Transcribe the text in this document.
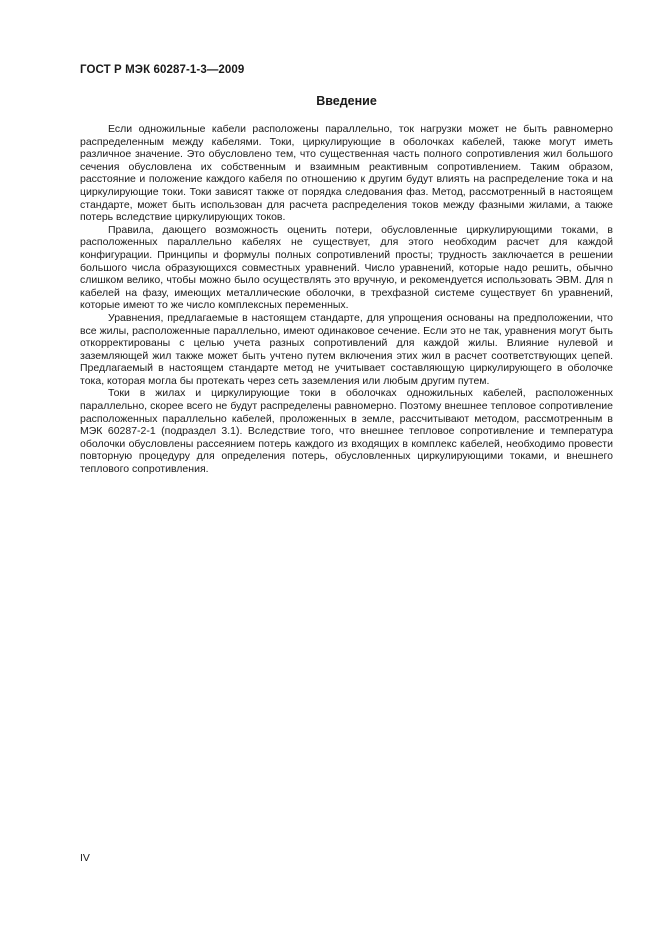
ГОСТ Р МЭК 60287-1-3—2009
Введение

Если одножильные кабели расположены параллельно, ток нагрузки может не быть равномерно распределенным между кабелями. Токи, циркулирующие в оболочках кабелей, также могут иметь различное значение. Это обусловлено тем, что существенная часть полного сопротивления жил большого сечения обусловлена их собственным и взаимным реактивным сопротивлением. Таким образом, расстояние и положение каждого кабеля по отношению к другим будут влиять на распределение тока и на циркулирующие токи. Токи зависят также от порядка следования фаз. Метод, рассмотренный в настоящем стандарте, может быть использован для расчета распределения токов между фазными жилами, а также потерь вследствие циркулирующих токов.

Правила, дающего возможность оценить потери, обусловленные циркулирующими токами, в расположенных параллельно кабелях не существует, для этого необходим расчет для каждой конфигурации. Принципы и формулы полных сопротивлений просты; трудность заключается в решении большого числа образующихся совместных уравнений. Число уравнений, которые надо решить, обычно слишком велико, чтобы можно было осуществлять это вручную, и рекомендуется использовать ЭВМ. Для n кабелей на фазу, имеющих металлические оболочки, в трехфазной системе существует 6n уравнений, которые имеют то же число комплексных переменных.

Уравнения, предлагаемые в настоящем стандарте, для упрощения основаны на предположении, что все жилы, расположенные параллельно, имеют одинаковое сечение. Если это не так, уравнения могут быть откорректированы с целью учета разных сопротивлений для каждой жилы. Влияние нулевой и заземляющей жил также может быть учтено путем включения этих жил в расчет соответствующих цепей. Предлагаемый в настоящем стандарте метод не учитывает составляющую циркулирующего в оболочке тока, которая могла бы протекать через сеть заземления или любым другим путем.

Токи в жилах и циркулирующие токи в оболочках одножильных кабелей, расположенных параллельно, скорее всего не будут распределены равномерно. Поэтому внешнее тепловое сопротивление расположенных параллельно кабелей, проложенных в земле, рассчитывают методом, рассмотренным в МЭК 60287-2-1 (подраздел 3.1). Вследствие того, что внешнее тепловое сопротивление и температура оболочки обусловлены рассеянием потерь каждого из входящих в комплекс кабелей, необходимо провести повторную процедуру для определения потерь, обусловленных циркулирующими токами, и внешнего теплового сопротивления.

IV
